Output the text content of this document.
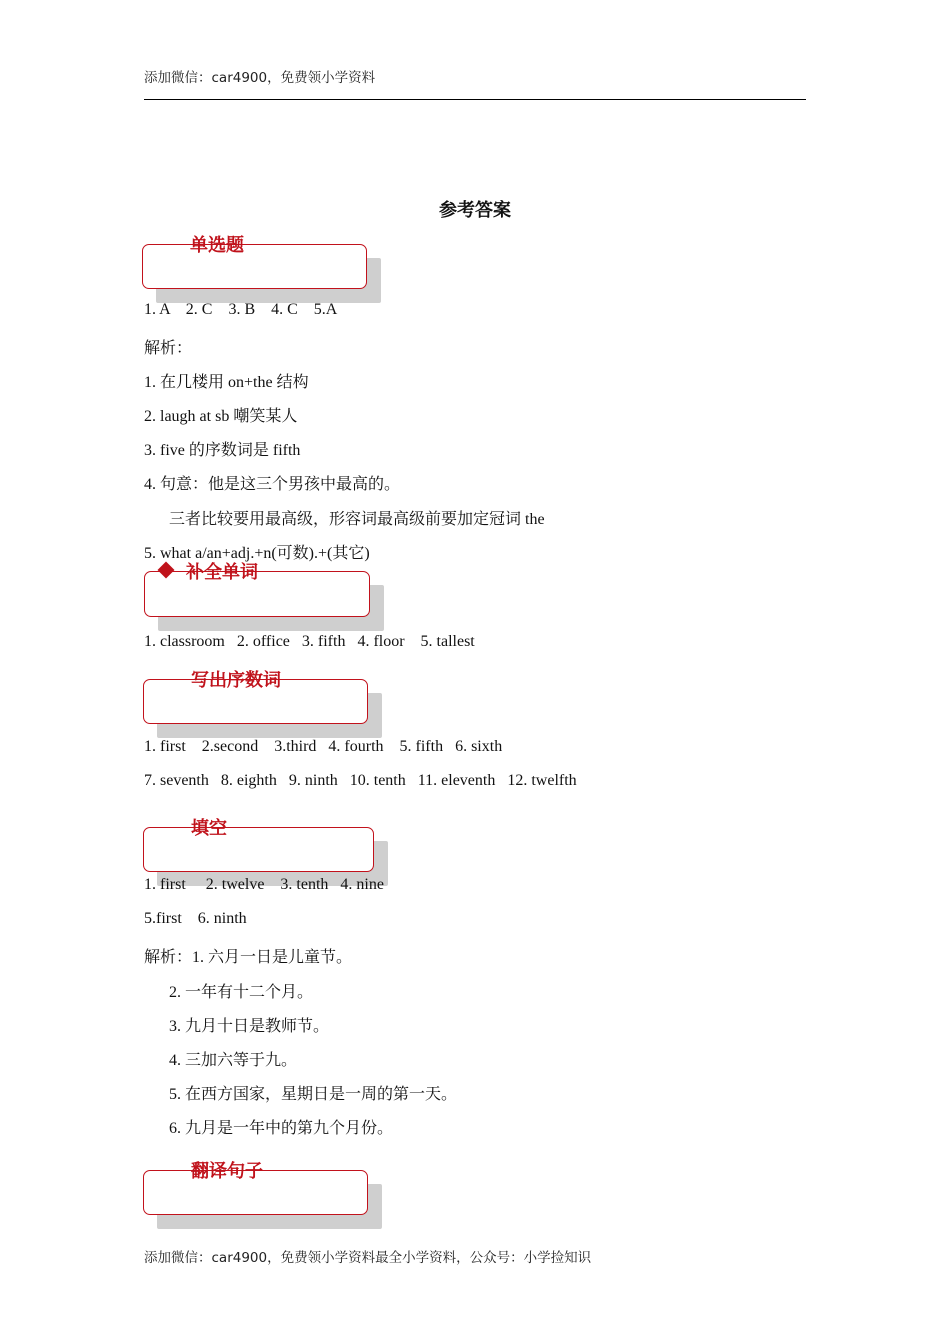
添加微信：car4900，免费领小学资料
参考答案
单选题
1. A    2. C    3. B    4. C    5.A
解析：
1. 在几楼用 on+the 结构
2. laugh at sb 嘲笑某人
3. five 的序数词是 fifth
4. 句意：他是这三个男孩中最高的。
三者比较要用最高级，形容词最高级前要加定冠词 the
5. what a/an+adj.+n(可数).+(其它)
补全单词
1. classroom   2. office   3. fifth   4. floor    5. tallest
写出序数词
1. first    2.second    3.third   4. fourth    5. fifth   6. sixth
7. seventh   8. eighth   9. ninth   10. tenth   11. eleventh   12. twelfth
填空
1. first     2. twelve    3. tenth   4. nine
5.first    6. ninth
解析：1. 六月一日是儿童节。
2. 一年有十二个月。
3. 九月十日是教师节。
4. 三加六等于九。
5. 在西方国家，星期日是一周的第一天。
6. 九月是一年中的第九个月份。
翻译句子
添加微信：car4900，免费领小学资料最全小学资料，公众号：小学捡知识
